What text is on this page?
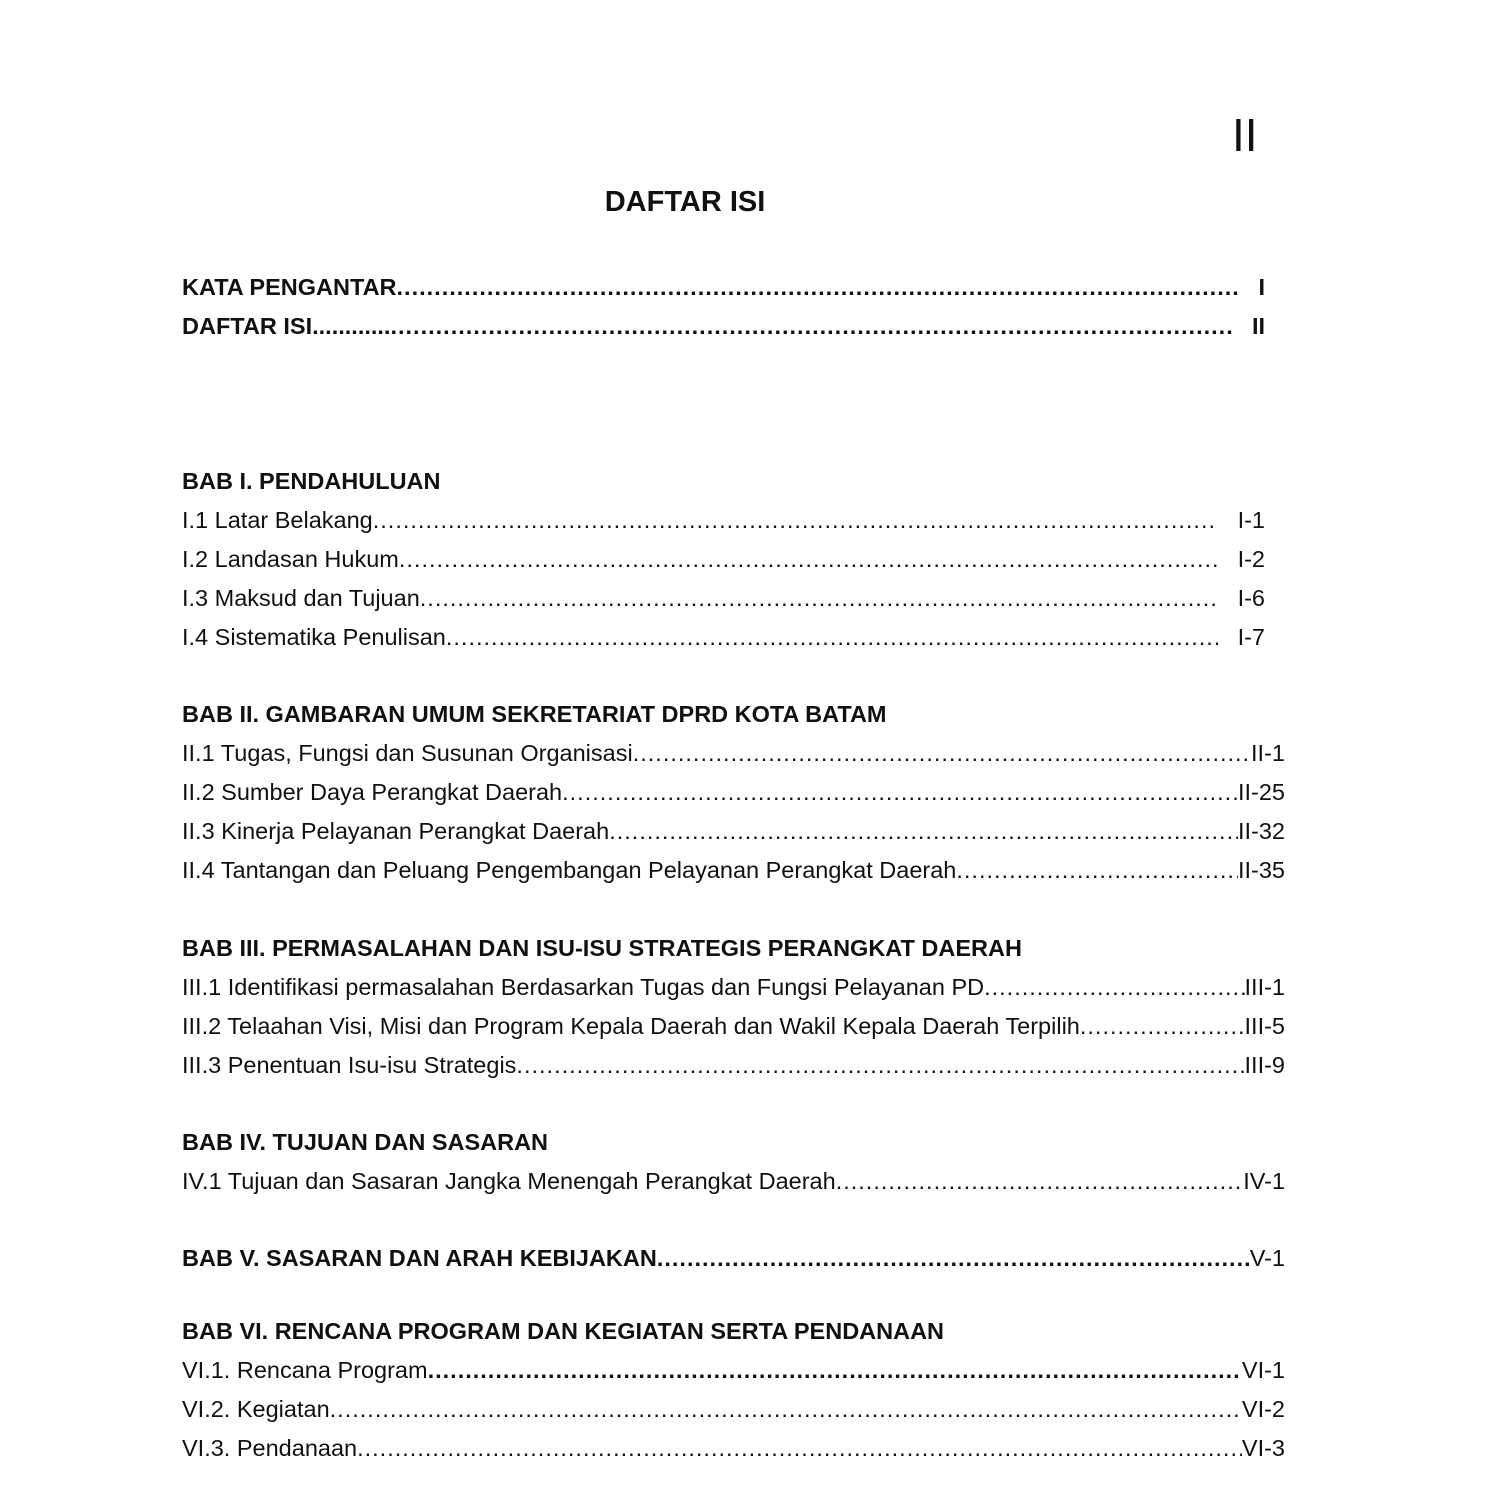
II
DAFTAR ISI
KATA PENGANTAR .....	I
DAFTAR ISI............ .....	II
BAB I. PENDAHULUAN
I.1 Latar Belakang .....	I-1
I.2 Landasan Hukum .....	I-2
I.3 Maksud dan Tujuan .....	I-6
I.4 Sistematika Penulisan .....	I-7
BAB II. GAMBARAN UMUM SEKRETARIAT DPRD KOTA BATAM
II.1 Tugas, Fungsi dan Susunan Organisasi .....	II-1
II.2 Sumber Daya Perangkat Daerah .....	II-25
II.3 Kinerja Pelayanan Perangkat Daerah .....	II-32
II.4 Tantangan dan Peluang Pengembangan Pelayanan Perangkat Daerah .....	II-35
BAB III. PERMASALAHAN DAN ISU-ISU STRATEGIS PERANGKAT DAERAH
III.1 Identifikasi permasalahan Berdasarkan Tugas dan Fungsi Pelayanan PD .....	III-1
III.2 Telaahan Visi, Misi dan Program Kepala Daerah dan Wakil Kepala Daerah Terpilih .....	III-5
III.3 Penentuan Isu-isu Strategis .....	III-9
BAB IV. TUJUAN DAN SASARAN
IV.1 Tujuan dan Sasaran Jangka Menengah Perangkat Daerah .....	IV-1
BAB V. SASARAN DAN ARAH KEBIJAKAN .....	V-1
BAB VI. RENCANA PROGRAM DAN KEGIATAN SERTA PENDANAAN
VI.1. Rencana Program .....	VI-1
VI.2. Kegiatan .....	VI-2
VI.3. Pendanaan .....	VI-3
